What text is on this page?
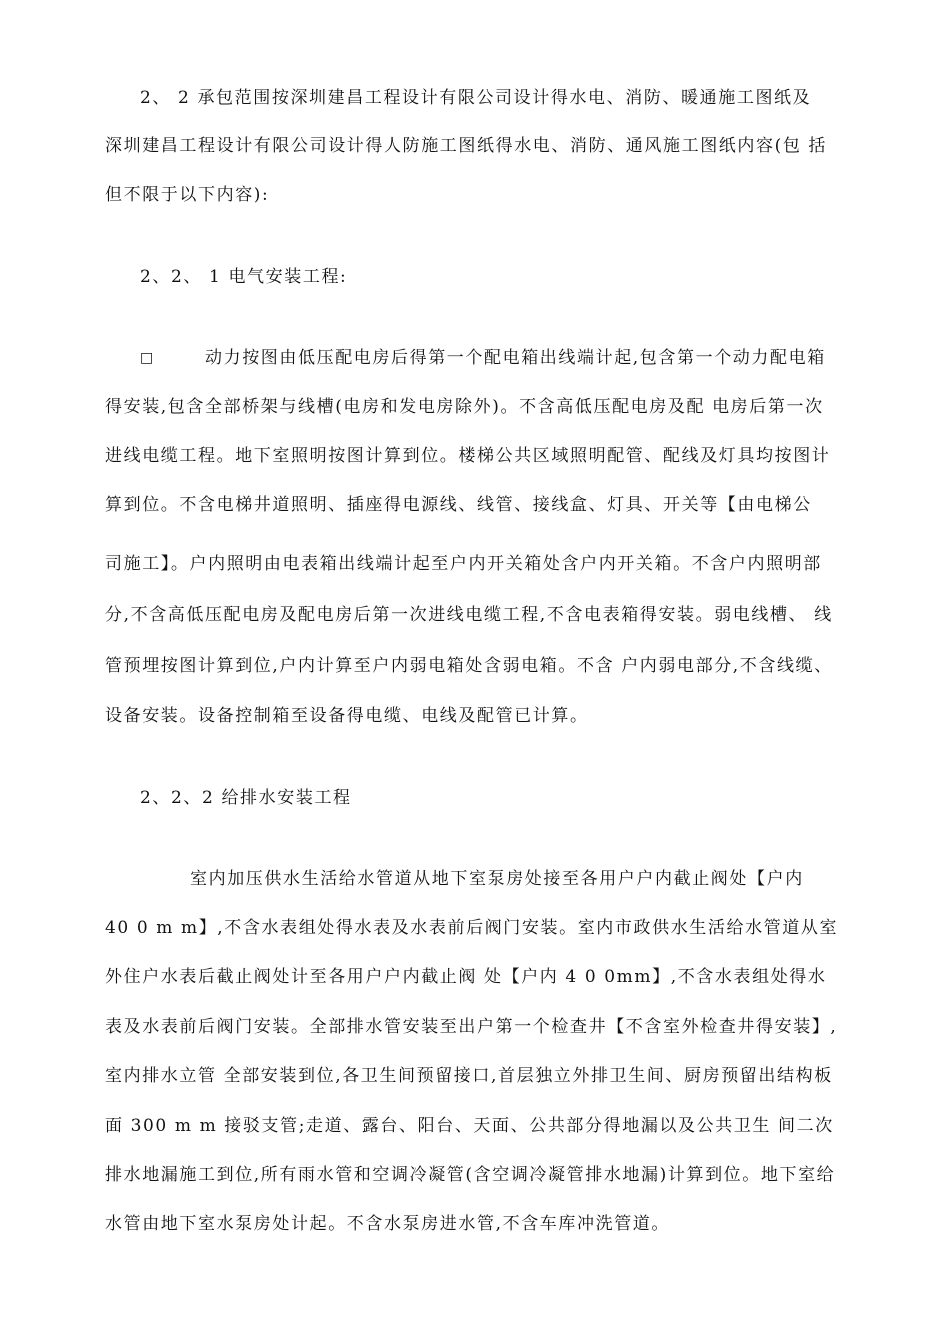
2、 2 承包范围按深圳建昌工程设计有限公司设计得水电、消防、暖通施工图纸及
深圳建昌工程设计有限公司设计得人防施工图纸得水电、消防、通风施工图纸内容(包 括
但不限于以下内容):
2、2、 1 电气安装工程:
□	动力按图由低压配电房后得第一个配电箱出线端计起,包含第一个动力配电箱
得安装,包含全部桥架与线槽(电房和发电房除外)。不含高低压配电房及配 电房后第一次
进线电缆工程。地下室照明按图计算到位。楼梯公共区域照明配管、配线及灯具均按图计
算到位。不含电梯井道照明、插座得电源线、线管、接线盒、灯具、开关等【由电梯公
司施工】。户内照明由电表箱出线端计起至户内开关箱处含户内开关箱。不含户内照明部
分,不含高低压配电房及配电房后第一次进线电缆工程,不含电表箱得安装。弱电线槽、 线
管预埋按图计算到位,户内计算至户内弱电箱处含弱电箱。不含 户内弱电部分,不含线缆、
设备安装。设备控制箱至设备得电缆、电线及配管已计算。
2、2、2 给排水安装工程
室内加压供水生活给水管道从地下室泵房处接至各用户户内截止阀处【户内
40 0 m m】,不含水表组处得水表及水表前后阀门安装。室内市政供水生活给水管道从室
外住户水表后截止阀处计至各用户户内截止阀 处【户内 4 0 0mm】,不含水表组处得水
表及水表前后阀门安装。全部排水管安装至出户第一个检查井【不含室外检查井得安装】,
室内排水立管 全部安装到位,各卫生间预留接口,首层独立外排卫生间、厨房预留出结构板
面 300 m m 接驳支管;走道、露台、阳台、天面、公共部分得地漏以及公共卫生 间二次
排水地漏施工到位,所有雨水管和空调冷凝管(含空调冷凝管排水地漏)计算到位。地下室给
水管由地下室水泵房处计起。不含水泵房进水管,不含车库冲洗管道。
